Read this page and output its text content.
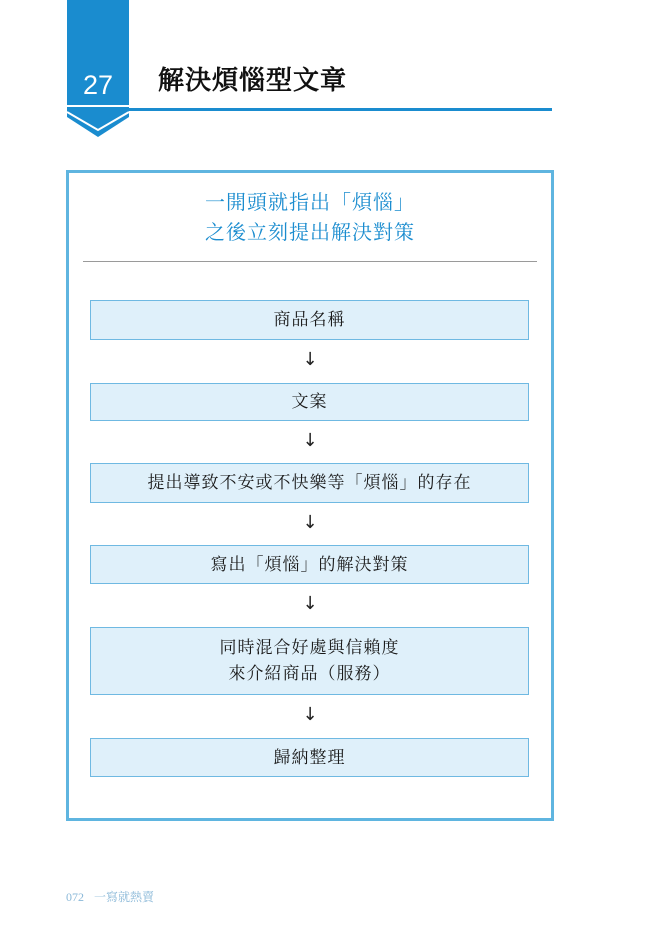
27	解決煩惱型文章
一開頭就指出「煩惱」
之後立刻提出解決對策
商品名稱
↓
文案
↓
提出導致不安或不快樂等「煩惱」的存在
↓
寫出「煩惱」的解決對策
↓
同時混合好處與信賴度
來介紹商品（服務）
↓
歸納整理
072 一寫就熱賣
